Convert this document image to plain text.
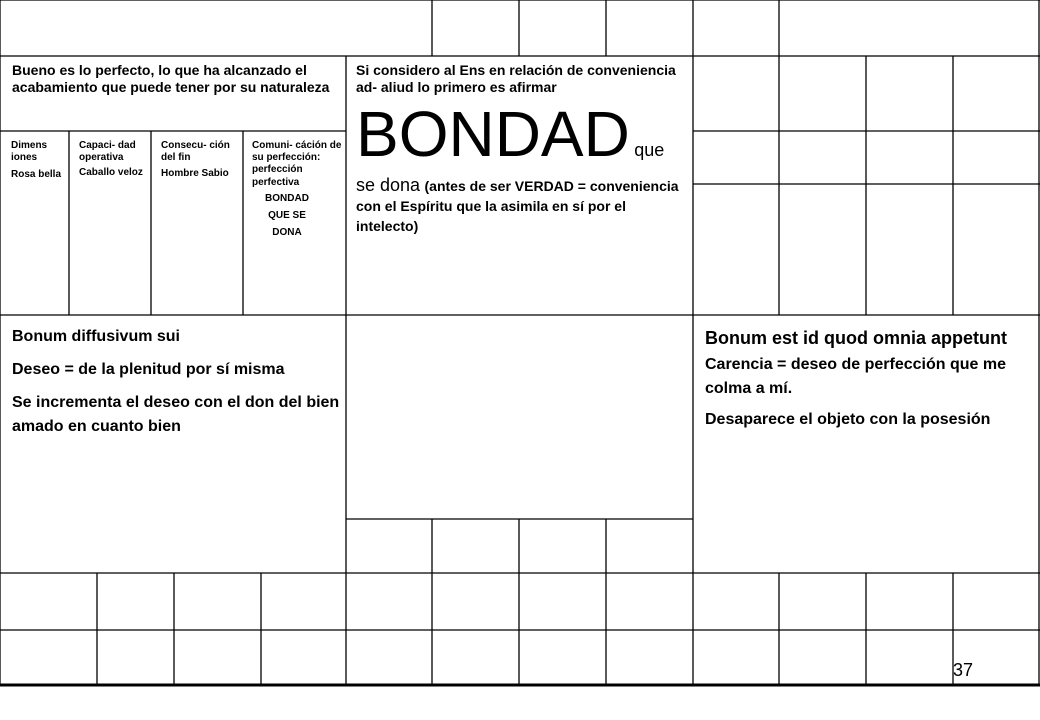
Bueno es lo perfecto, lo que ha alcanzado el acabamiento que puede tener por su naturaleza

Dimens iones

Rosa bella

Capaci- dad operativa

Caballo veloz

Consecu- ción del fin

Hombre Sabio

Comuni- cáción de su perfección: perfección perfectiva

BONDAD

QUE SE

DONA

Si considero al Ens en relación de conveniencia ad- aliud lo primero es afirmar

BONDAD que

se dona (antes de ser VERDAD = conveniencia con el Espíritu que la asimila en sí por el intelecto)

Bonum diffusivum sui

Deseo = de la plenitud por sí misma

Se incrementa el deseo con el don del bien amado en cuanto bien

Bonum est id quod omnia appetunt

Carencia = deseo de perfección que me colma a mí.

Desaparece el objeto con la posesión

37
